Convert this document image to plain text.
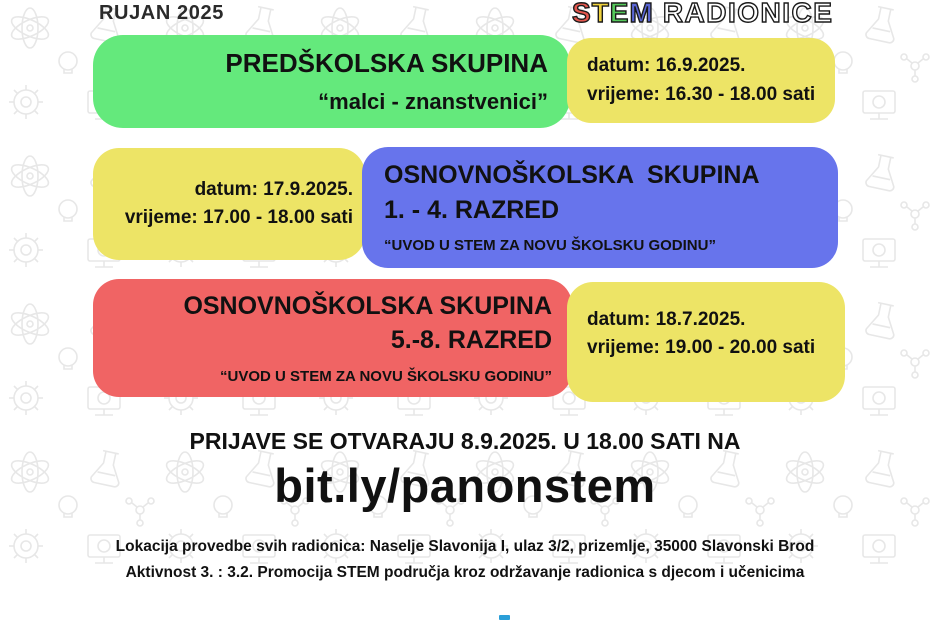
RUJAN 2025	S T E M RADIONICE
PREDŠKOLSKA SKUPINA
“malci - znanstvenici”
datum: 16.9.2025.
vrijeme: 16.30 - 18.00 sati
datum: 17.9.2025.
vrijeme: 17.00 - 18.00 sati
OSNOVNOŠKOLSKA  SKUPINA
1. - 4. RAZRED
“UVOD U STEM ZA NOVU ŠKOLSKU GODINU”
OSNOVNOŠKOLSKA SKUPINA
5.-8. RAZRED
“UVOD U STEM ZA NOVU ŠKOLSKU GODINU”
datum: 18.7.2025.
vrijeme: 19.00 - 20.00 sati
PRIJAVE SE OTVARAJU 8.9.2025. U 18.00 SATI NA
bit.ly/panonstem
Lokacija provedbe svih radionica: Naselje Slavonija I, ulaz 3/2, prizemlje, 35000 Slavonski Brod
Aktivnost 3. : 3.2. Promocija STEM područja kroz održavanje radionica s djecom i učenicima
